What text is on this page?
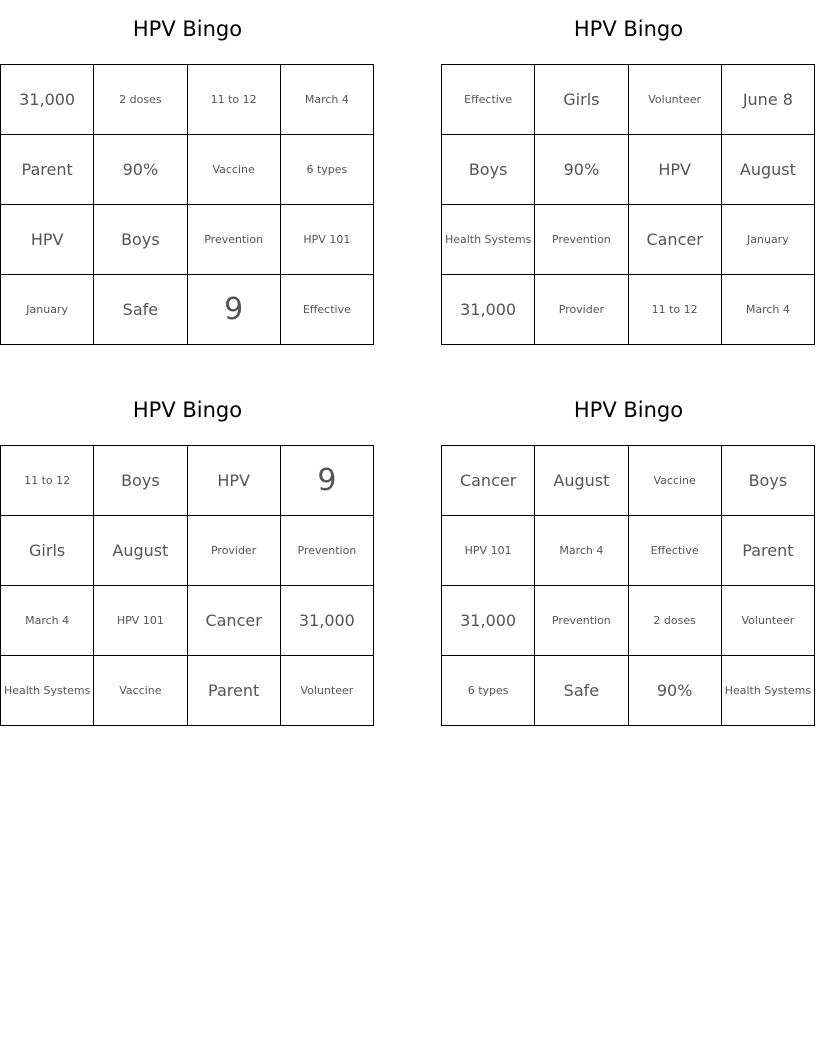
HPV Bingo
31,000	2 doses	11 to 12	March 4
Parent	90%	Vaccine	6 types
HPV	Boys	Prevention	HPV 101
January	Safe	9	Effective
HPV Bingo
Effective	Girls	Volunteer	June 8
Boys	90%	HPV	August
Health Systems	Prevention	Cancer	January
31,000	Provider	11 to 12	March 4
HPV Bingo
11 to 12	Boys	HPV	9
Girls	August	Provider	Prevention
March 4	HPV 101	Cancer	31,000
Health Systems	Vaccine	Parent	Volunteer
HPV Bingo
Cancer	August	Vaccine	Boys
HPV 101	March 4	Effective	Parent
31,000	Prevention	2 doses	Volunteer
6 types	Safe	90%	Health Systems
